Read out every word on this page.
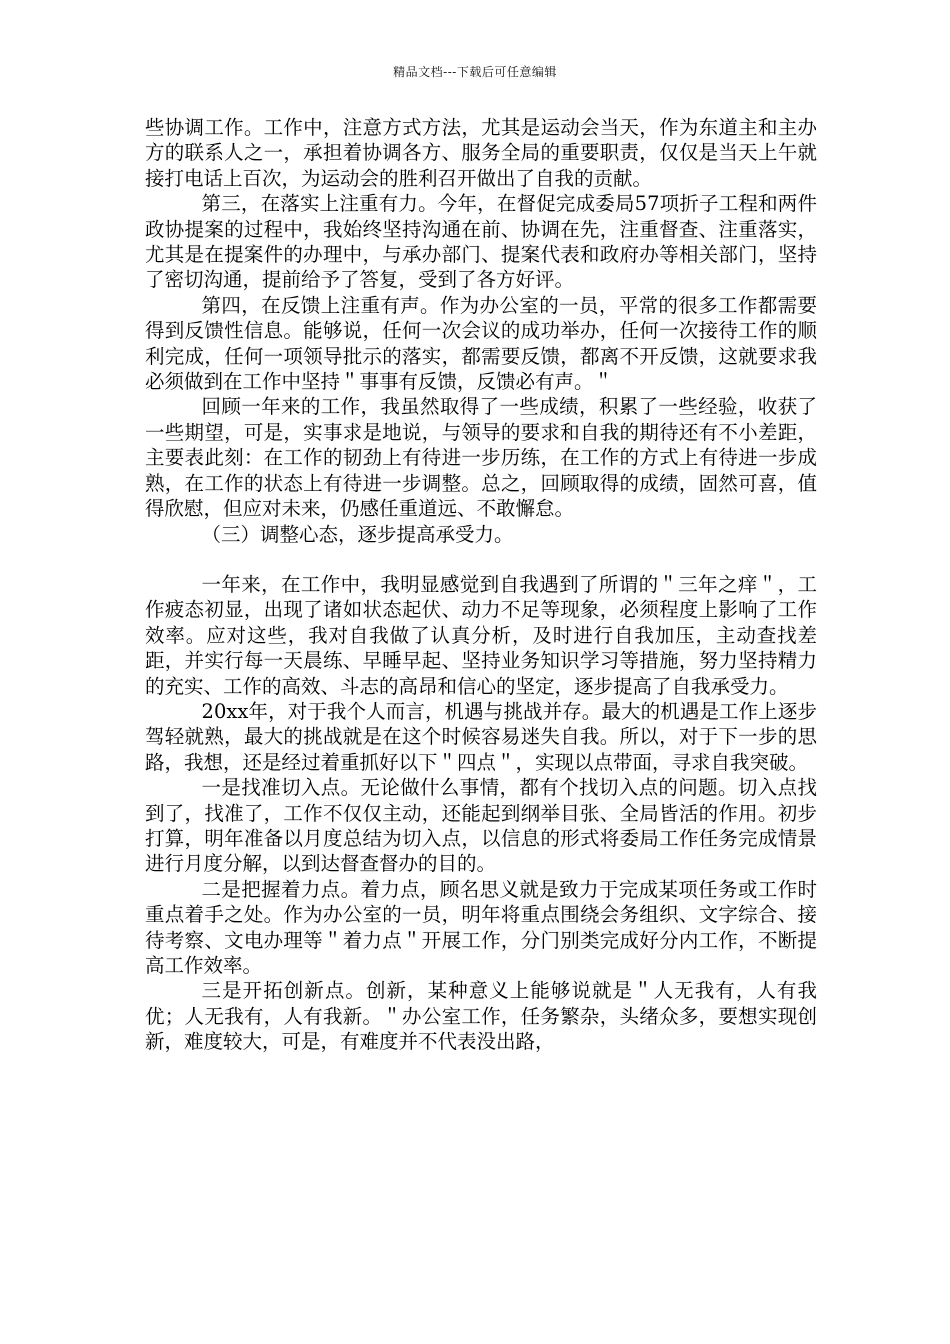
精品文档---下载后可任意编辑

些协调工作。工作中，注意方式方法，尤其是运动会当天，作为东道主和主办方的联系人之一，承担着协调各方、服务全局的重要职责，仅仅是当天上午就接打电话上百次，为运动会的胜利召开做出了自我的贡献。

第三，在落实上注重有力。今年，在督促完成委局57项折子工程和两件政协提案的过程中，我始终坚持沟通在前、协调在先，注重督查、注重落实，尤其是在提案件的办理中，与承办部门、提案代表和政府办等相关部门，坚持了密切沟通，提前给予了答复，受到了各方好评。

第四，在反馈上注重有声。作为办公室的一员，平常的很多工作都需要得到反馈性信息。能够说，任何一次会议的成功举办，任何一次接待工作的顺利完成，任何一项领导批示的落实，都需要反馈，都离不开反馈，这就要求我必须做到在工作中坚持＂事事有反馈，反馈必有声。＂

回顾一年来的工作，我虽然取得了一些成绩，积累了一些经验，收获了一些期望，可是，实事求是地说，与领导的要求和自我的期待还有不小差距，主要表此刻：在工作的韧劲上有待进一步历练，在工作的方式上有待进一步成熟，在工作的状态上有待进一步调整。总之，回顾取得的成绩，固然可喜，值得欣慰，但应对未来，仍感任重道远、不敢懈怠。

（三）调整心态，逐步提高承受力。

一年来，在工作中，我明显感觉到自我遇到了所谓的＂三年之痒＂，工作疲态初显，出现了诸如状态起伏、动力不足等现象，必须程度上影响了工作效率。应对这些，我对自我做了认真分析，及时进行自我加压，主动查找差距，并实行每一天晨练、早睡早起、坚持业务知识学习等措施，努力坚持精力的充实、工作的高效、斗志的高昂和信心的坚定，逐步提高了自我承受力。

20xx年，对于我个人而言，机遇与挑战并存。最大的机遇是工作上逐步驾轻就熟，最大的挑战就是在这个时候容易迷失自我。所以，对于下一步的思路，我想，还是经过着重抓好以下＂四点＂，实现以点带面，寻求自我突破。

一是找准切入点。无论做什么事情，都有个找切入点的问题。切入点找到了，找准了，工作不仅仅主动，还能起到纲举目张、全局皆活的作用。初步打算，明年准备以月度总结为切入点，以信息的形式将委局工作任务完成情景进行月度分解，以到达督查督办的目的。

二是把握着力点。着力点，顾名思义就是致力于完成某项任务或工作时重点着手之处。作为办公室的一员，明年将重点围绕会务组织、文字综合、接待考察、文电办理等＂着力点＂开展工作，分门别类完成好分内工作，不断提高工作效率。

三是开拓创新点。创新，某种意义上能够说就是＂人无我有，人有我优；人无我有，人有我新。＂办公室工作，任务繁杂，头绪众多，要想实现创新，难度较大，可是，有难度并不代表没出路，
